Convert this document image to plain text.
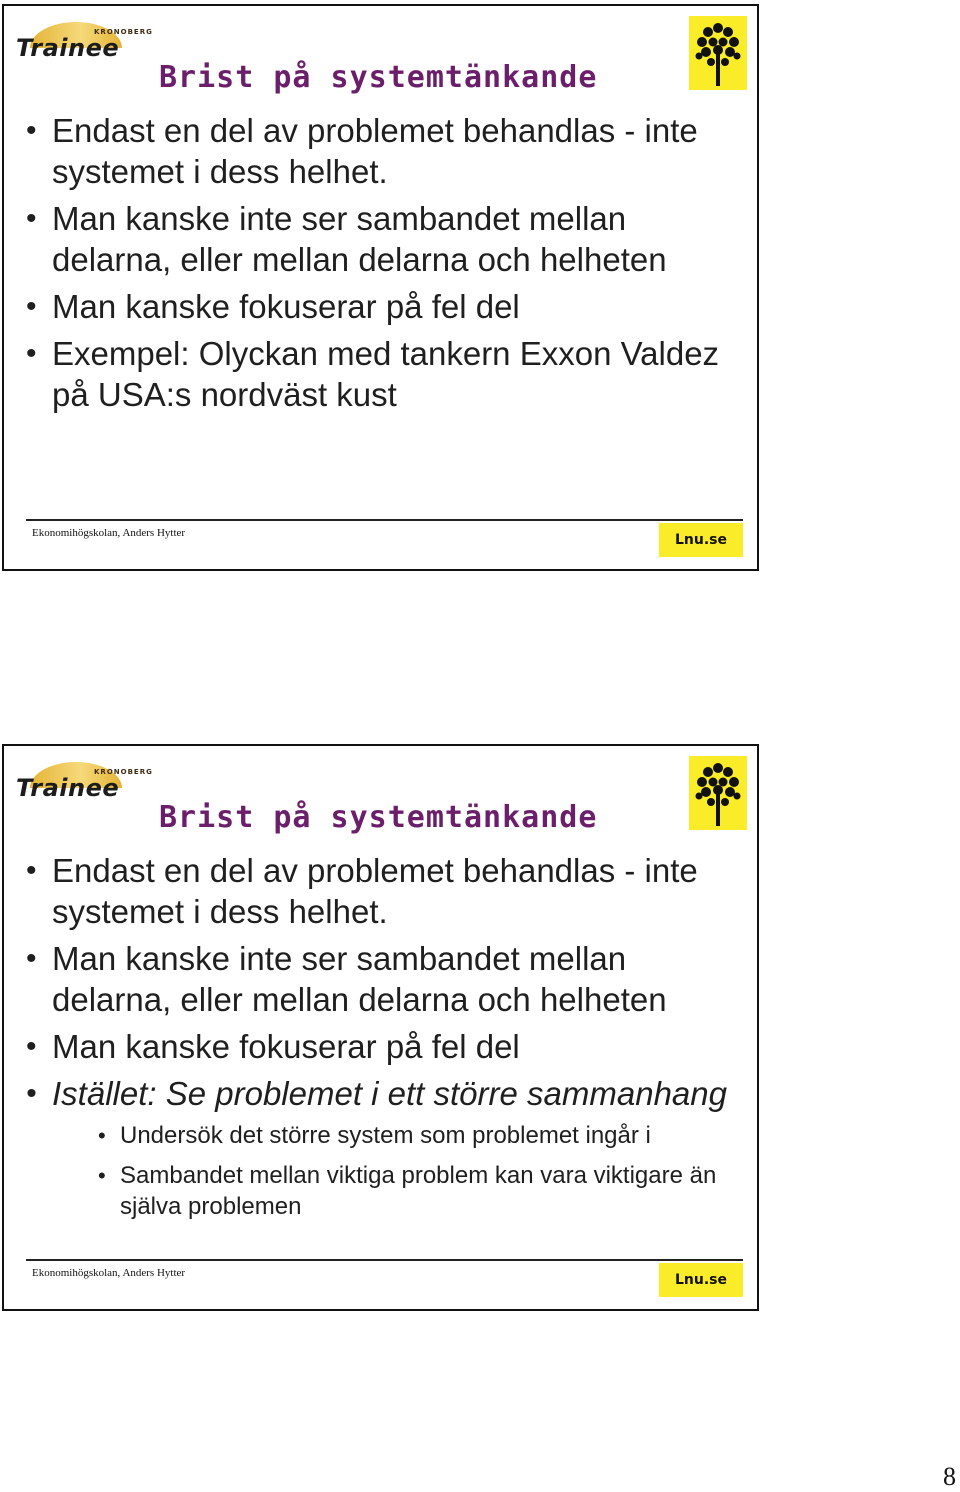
KRONOBERG
Trainee
Brist på systemtänkande
• Endast en del av problemet behandlas - inte systemet i dess helhet.
• Man kanske inte ser sambandet mellan delarna, eller mellan delarna och helheten
• Man kanske fokuserar på fel del
• Exempel: Olyckan med tankern Exxon Valdez på USA:s nordväst kust
Ekonomihögskolan, Anders Hytter	Lnu.se
KRONOBERG
Trainee
Brist på systemtänkande
• Endast en del av problemet behandlas - inte systemet i dess helhet.
• Man kanske inte ser sambandet mellan delarna, eller mellan delarna och helheten
• Man kanske fokuserar på fel del
• Istället: Se problemet i ett större sammanhang
• Undersök det större system som problemet ingår i
• Sambandet mellan viktiga problem kan vara viktigare än själva problemen
Ekonomihögskolan, Anders Hytter	Lnu.se
8
